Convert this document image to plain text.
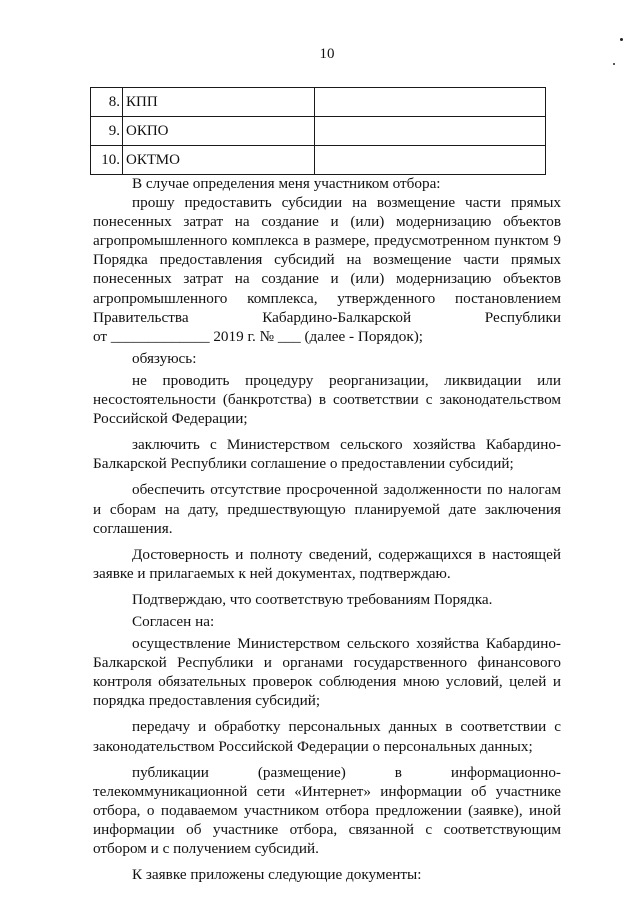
10
8.	КПП	
9.	ОКПО	
10.	ОКТМО	

В случае определения меня участником отбора:

прошу предоставить субсидии на возмещение части прямых понесенных затрат на создание и (или) модернизацию объектов агропромышленного комплекса в размере, предусмотренном пунктом 9 Порядка предоставления субсидий на возмещение части прямых понесенных затрат на создание и (или) модернизацию объектов агропромышленного комплекса, утвержденного постановлением Правительства Кабардино-Балкарской Республики

от _____________ 2019 г. № ___ (далее - Порядок);

обязуюсь:

не проводить процедуру реорганизации, ликвидации или несостоятельности (банкротства) в соответствии с законодательством Российской Федерации;

заключить с Министерством сельского хозяйства Кабардино-Балкарской Республики соглашение о предоставлении субсидий;

обеспечить отсутствие просроченной задолженности по налогам и сборам на дату, предшествующую планируемой дате заключения соглашения.

Достоверность и полноту сведений, содержащихся в настоящей заявке и прилагаемых к ней документах, подтверждаю.

Подтверждаю, что соответствую требованиям Порядка.

Согласен на:

осуществление Министерством сельского хозяйства Кабардино-Балкарской Республики и органами государственного финансового контроля обязательных проверок соблюдения мною условий, целей и порядка предоставления субсидий;

передачу и обработку персональных данных в соответствии с законодательством Российской Федерации о персональных данных;

публикации (размещение) в информационно-телекоммуникационной сети «Интернет» информации об участнике отбора, о подаваемом участником отбора предложении (заявке), иной информации об участнике отбора, связанной с соответствующим отбором и с получением субсидий.

К заявке приложены следующие документы:
